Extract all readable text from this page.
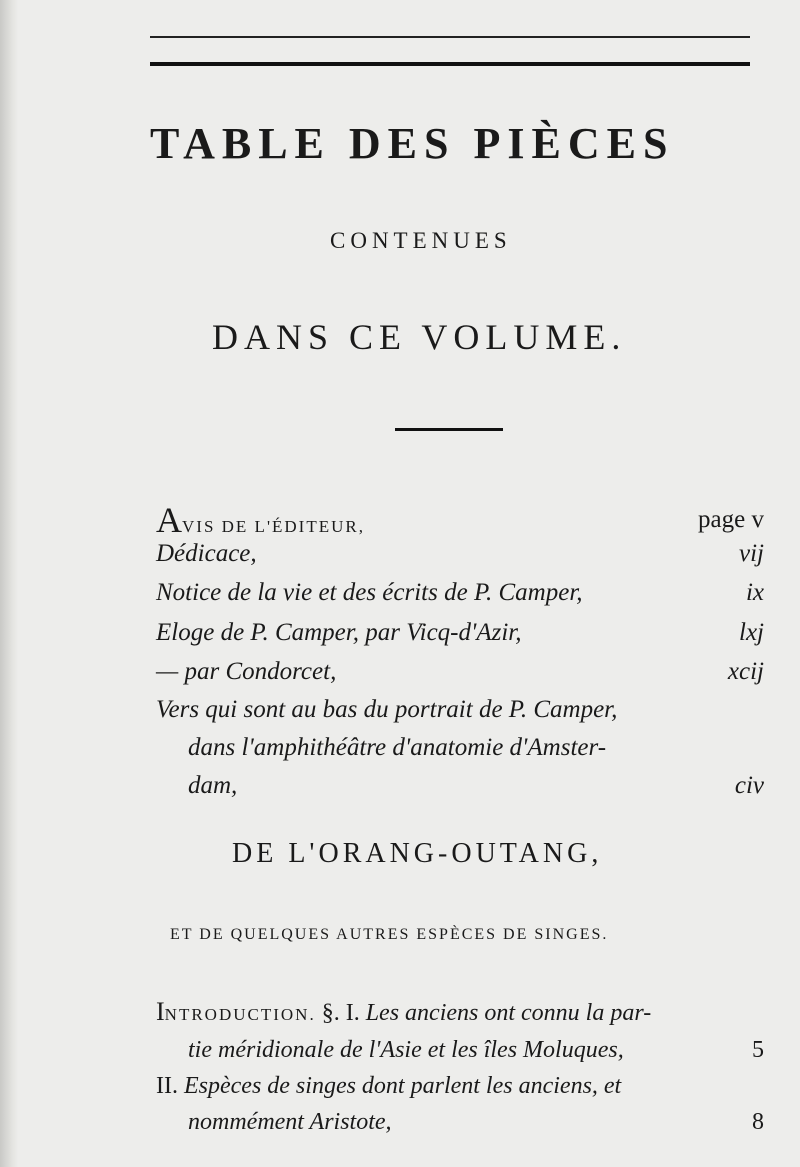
TABLE DES PIÈCES
CONTENUES
DANS CE VOLUME.
AVIS DE L'ÉDITEUR,	page v
Dédicace,	vij
Notice de la vie et des écrits de P. Camper,	ix
Eloge de P. Camper, par Vicq-d'Azir,	lxj
— par Condorcet,	xcij
Vers qui sont au bas du portrait de P. Camper,
dans l'amphithéâtre d'anatomie d'Amster-
dam,	civ
DE L'ORANG-OUTANG,
ET DE QUELQUES AUTRES ESPÈCES DE SINGES.
INTRODUCTION. §. I. Les anciens ont connu la par-
tie méridionale de l'Asie et les îles Moluques,	5
II. Espèces de singes dont parlent les anciens, et
nommément Aristote,	8
